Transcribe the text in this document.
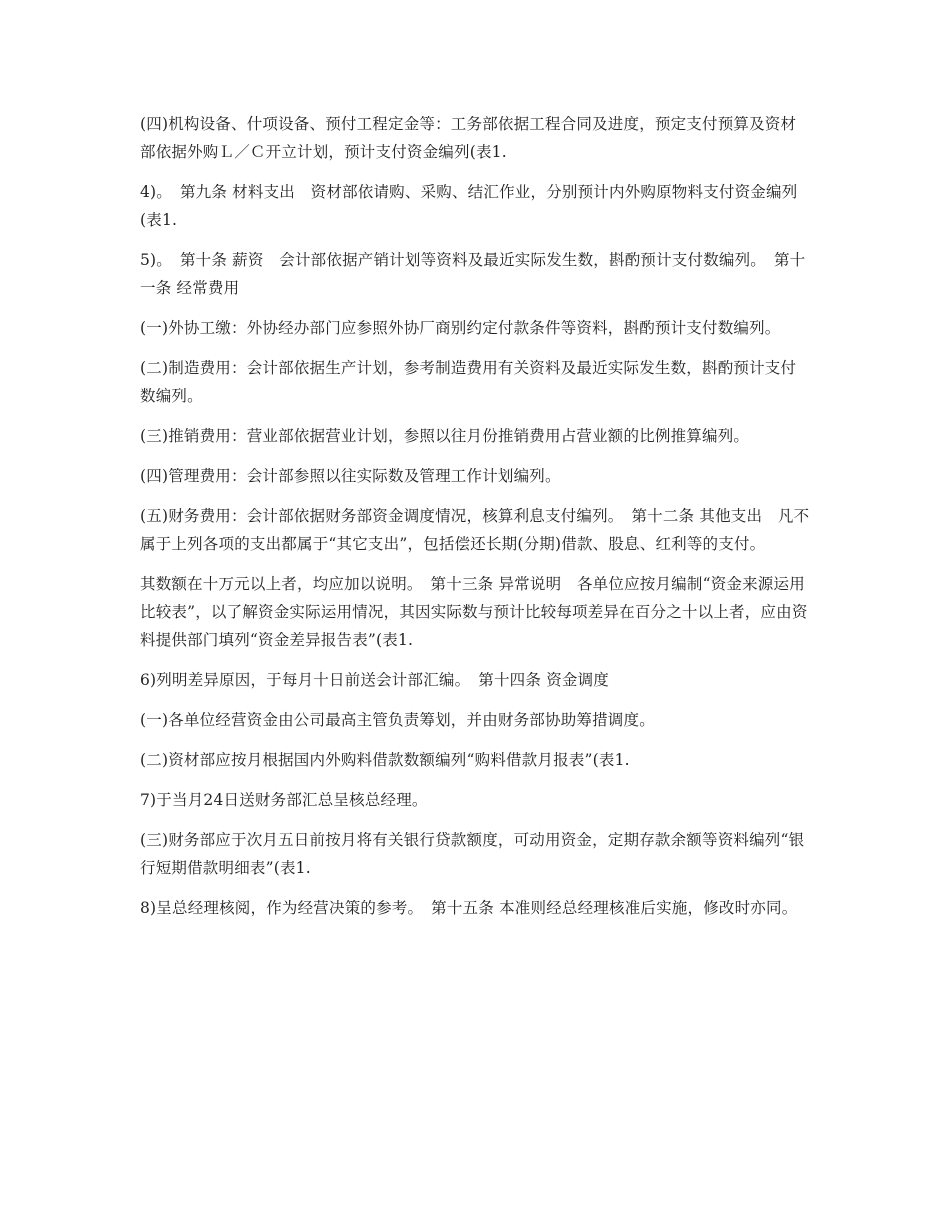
(四)机构设备、什项设备、预付工程定金等：工务部依据工程合同及进度，预定支付预算及资材部依据外购Ｌ／Ｃ开立计划，预计支付资金编列(表1.

4)。　第九条 材料支出　资材部依请购、采购、结汇作业，分别预计内外购原物料支付资金编列(表1.

5)。　第十条 薪资　会计部依据产销计划等资料及最近实际发生数，斟酌预计支付数编列。　第十一条 经常费用

(一)外协工缴：外协经办部门应参照外协厂商别约定付款条件等资料，斟酌预计支付数编列。

(二)制造费用：会计部依据生产计划，参考制造费用有关资料及最近实际发生数，斟酌预计支付数编列。

(三)推销费用：营业部依据营业计划，参照以往月份推销费用占营业额的比例推算编列。

(四)管理费用：会计部参照以往实际数及管理工作计划编列。

(五)财务费用：会计部依据财务部资金调度情况，核算利息支付编列。　第十二条 其他支出　凡不属于上列各项的支出都属于“其它支出”，包括偿还长期(分期)借款、股息、红利等的支付。

其数额在十万元以上者，均应加以说明。　第十三条 异常说明　各单位应按月编制“资金来源运用比较表”，以了解资金实际运用情况，其因实际数与预计比较每项差异在百分之十以上者，应由资料提供部门填列“资金差异报告表”(表1.

6)列明差异原因，于每月十日前送会计部汇编。　第十四条 资金调度

(一)各单位经营资金由公司最高主管负责筹划，并由财务部协助筹措调度。

(二)资材部应按月根据国内外购料借款数额编列“购料借款月报表”(表1.

7)于当月24日送财务部汇总呈核总经理。

(三)财务部应于次月五日前按月将有关银行贷款额度，可动用资金，定期存款余额等资料编列“银行短期借款明细表”(表1.

8)呈总经理核阅，作为经营决策的参考。　第十五条 本准则经总经理核准后实施，修改时亦同。
